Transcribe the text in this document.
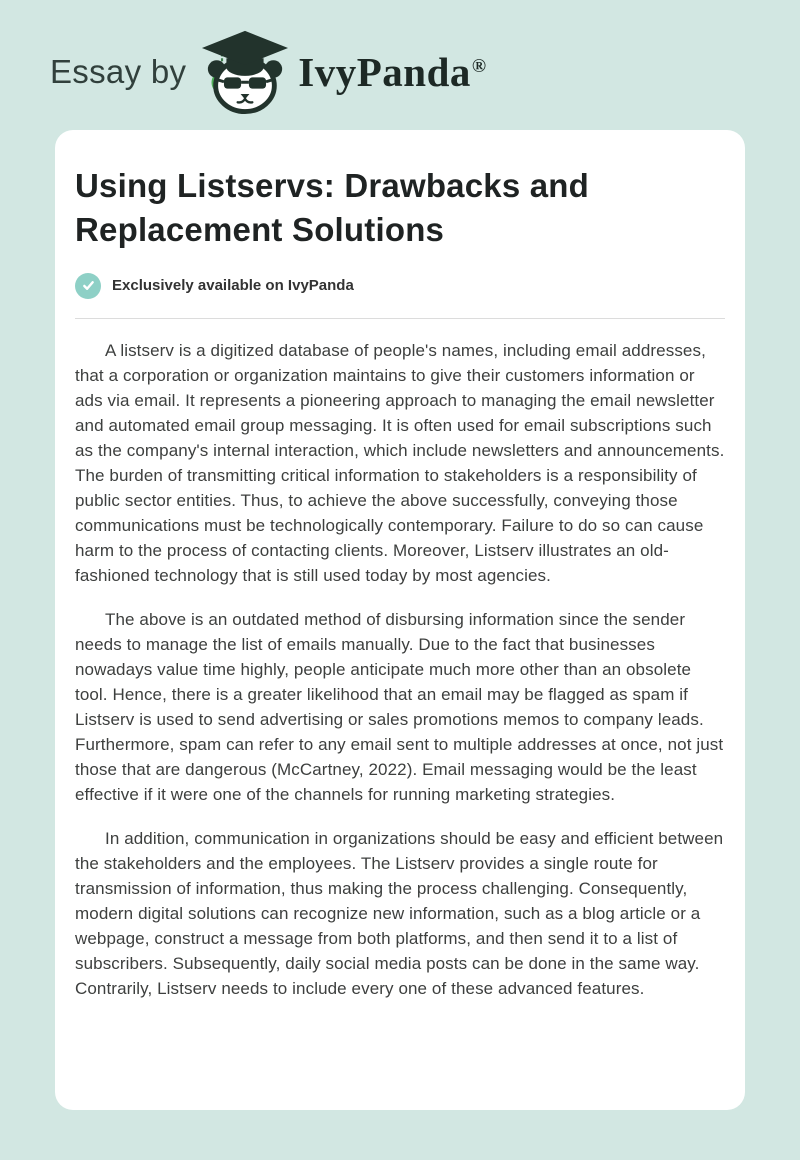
Essay by	IvyPanda®
Using Listservs: Drawbacks and Replacement Solutions
Exclusively available on IvyPanda

A listserv is a digitized database of people's names, including email addresses, that a corporation or organization maintains to give their customers information or ads via email. It represents a pioneering approach to managing the email newsletter and automated email group messaging. It is often used for email subscriptions such as the company's internal interaction, which include newsletters and announcements. The burden of transmitting critical information to stakeholders is a responsibility of public sector entities. Thus, to achieve the above successfully, conveying those communications must be technologically contemporary. Failure to do so can cause harm to the process of contacting clients. Moreover, Listserv illustrates an old-fashioned technology that is still used today by most agencies.

The above is an outdated method of disbursing information since the sender needs to manage the list of emails manually. Due to the fact that businesses nowadays value time highly, people anticipate much more other than an obsolete tool. Hence, there is a greater likelihood that an email may be flagged as spam if Listserv is used to send advertising or sales promotions memos to company leads. Furthermore, spam can refer to any email sent to multiple addresses at once, not just those that are dangerous (McCartney, 2022). Email messaging would be the least effective if it were one of the channels for running marketing strategies.

In addition, communication in organizations should be easy and efficient between the stakeholders and the employees. The Listserv provides a single route for transmission of information, thus making the process challenging. Consequently, modern digital solutions can recognize new information, such as a blog article or a webpage, construct a message from both platforms, and then send it to a list of subscribers. Subsequently, daily social media posts can be done in the same way. Contrarily, Listserv needs to include every one of these advanced features.
